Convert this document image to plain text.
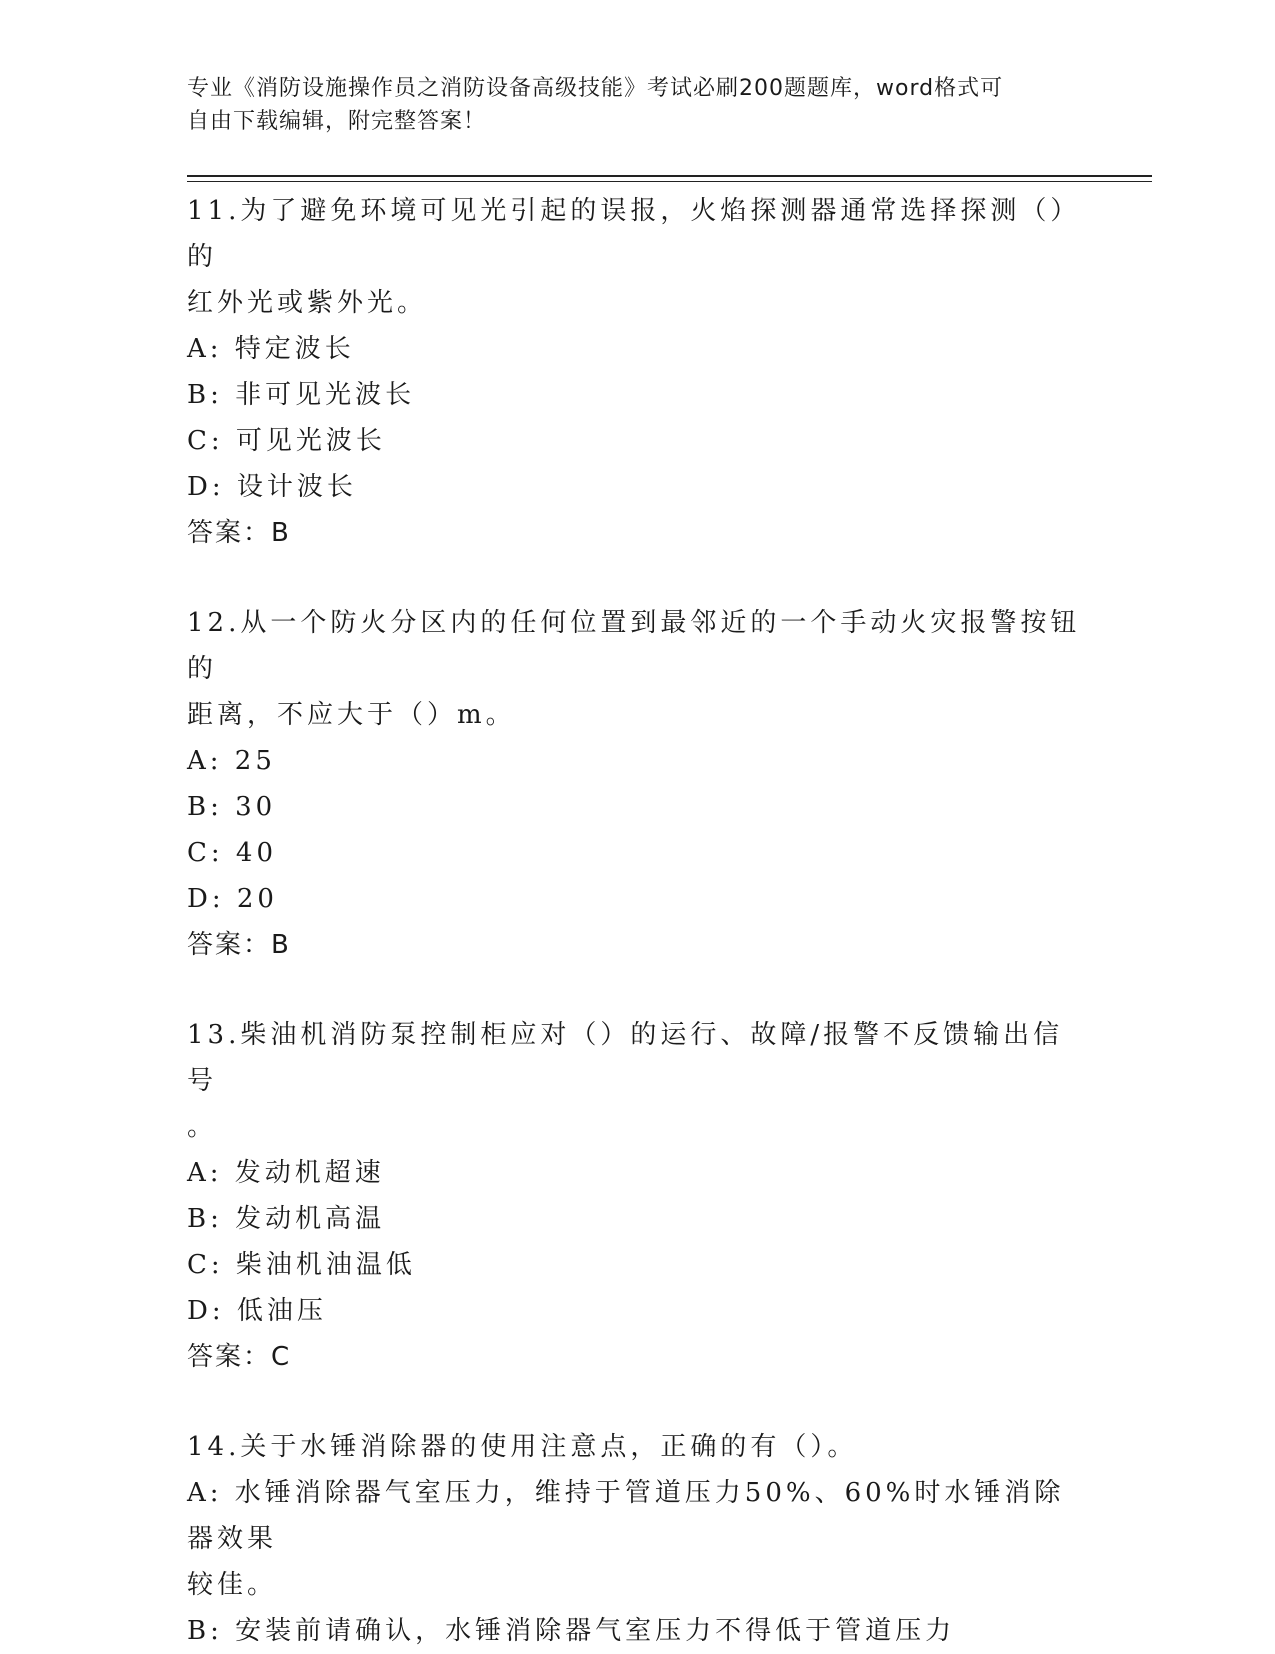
专业《消防设施操作员之消防设备高级技能》考试必刷200题题库，word格式可
自由下载编辑，附完整答案！

11.为了避免环境可见光引起的误报，火焰探测器通常选择探测（）的

红外光或紫外光。

A: 特定波长

B: 非可见光波长

C: 可见光波长

D: 设计波长

答案：B

12.从一个防火分区内的任何位置到最邻近的一个手动火灾报警按钮的

距离，不应大于（）m。

A: 25

B: 30

C: 40

D: 20

答案：B

13.柴油机消防泵控制柜应对（）的运行、故障/报警不反馈输出信号

。

A: 发动机超速

B: 发动机高温

C: 柴油机油温低

D: 低油压

答案：C

14.关于水锤消除器的使用注意点，正确的有（）。

A: 水锤消除器气室压力，维持于管道压力50%、60%时水锤消除器效果

较佳。

B: 安装前请确认，水锤消除器气室压力不得低于管道压力
